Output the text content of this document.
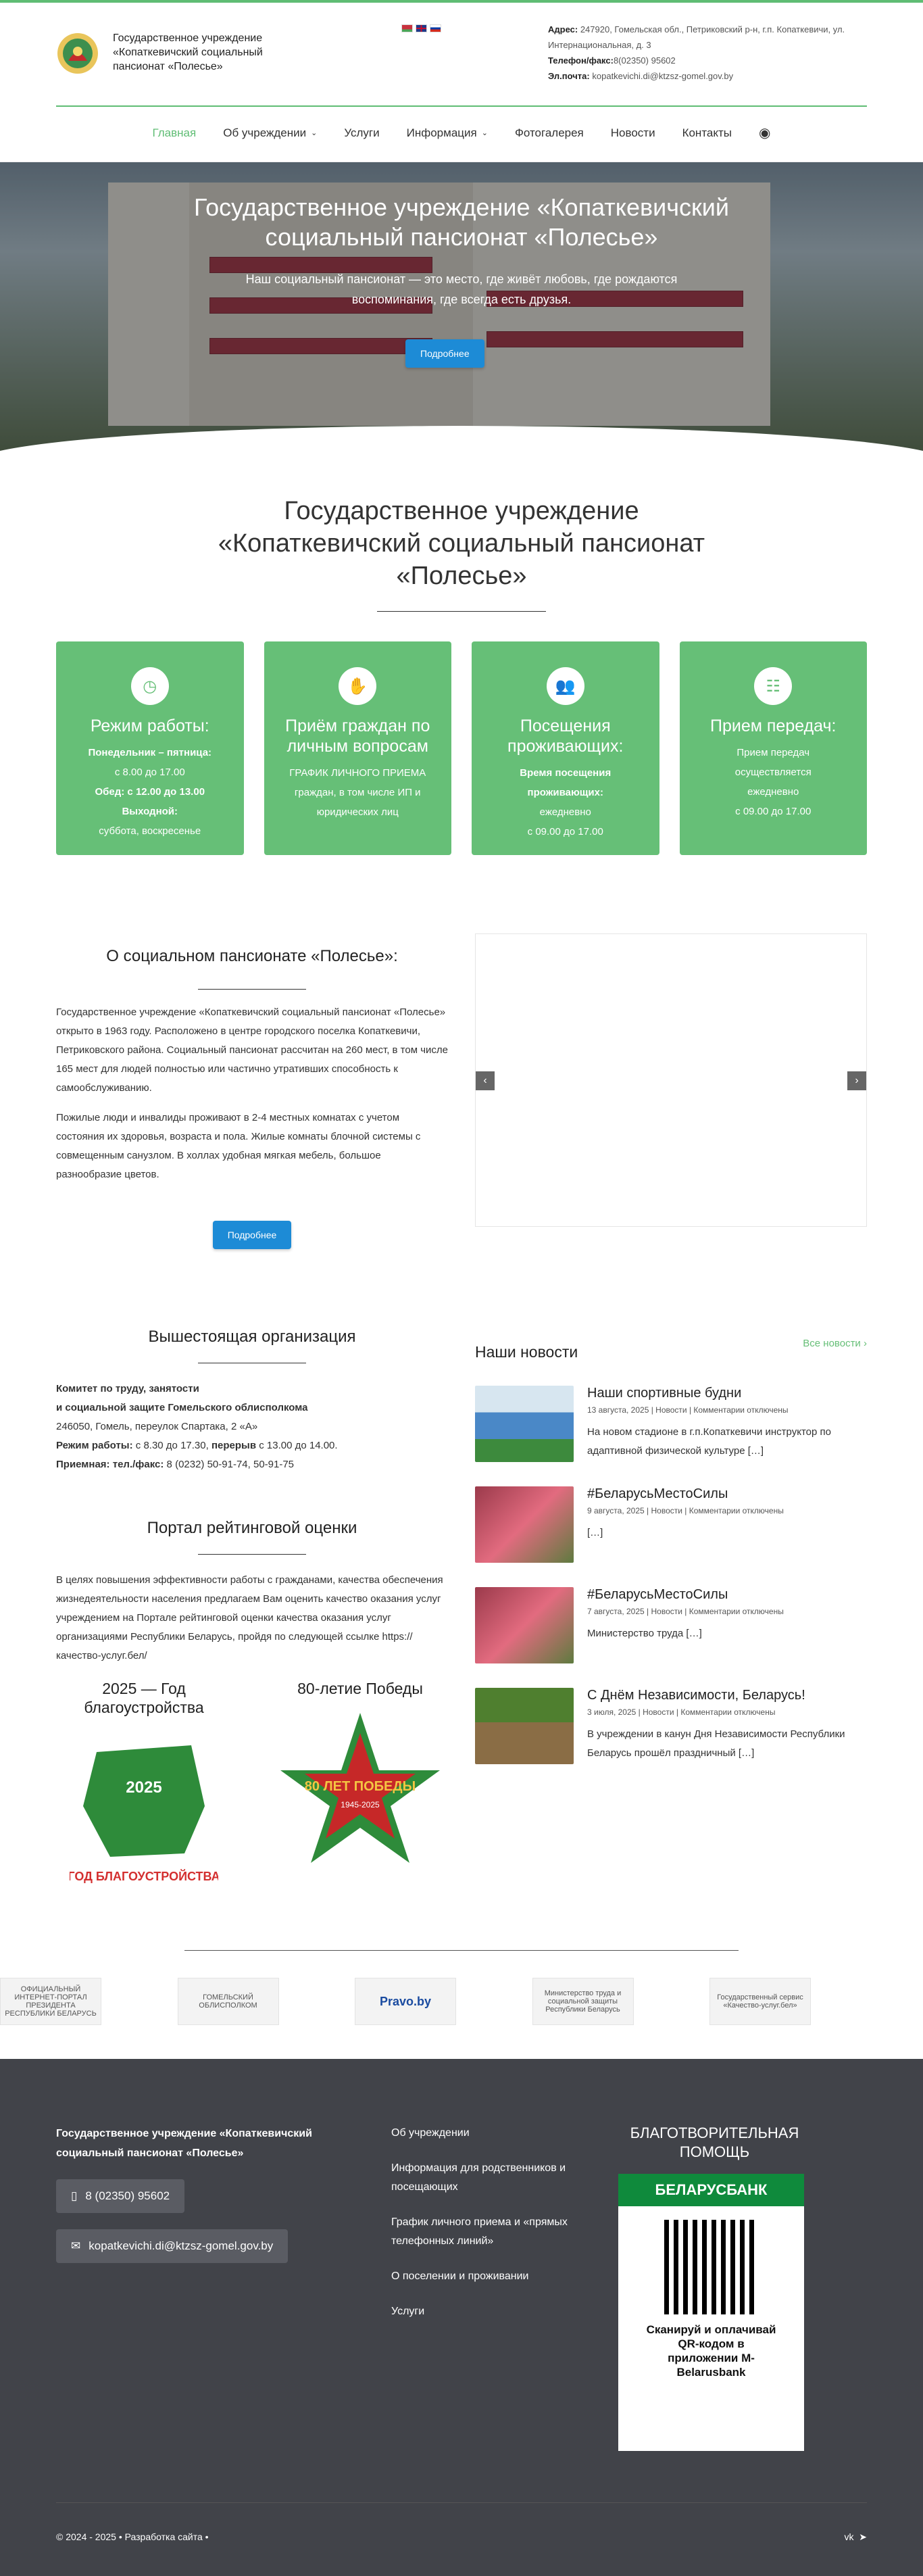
Государственное учреждение «Копаткевичский социальный пансионат «Полесье»
Адрес: 247920, Гомельская обл., Петриковский р-н, г.п. Копаткевичи, ул. Интернациональная, д. 3
Телефон/факс:8(02350) 95602
Эл.почта: kopatkevichi.di@ktzsz-gomel.gov.by
Главная Об учреждении ⌄ Услуги Информация ⌄ Фотогалерея Новости Контакты ◉
Государственное учреждение «Копаткевичский социальный пансионат «Полесье»
Наш социальный пансионат — это место, где живёт любовь, где рождаются воспоминания, где всегда есть друзья.
Подробнее
Государственное учреждение «Копаткевичский социальный пансионат «Полесье»
◷
Режим работы:

Понедельник – пятница:
с 8.00 до 17.00
Обед: с 12.00 до 13.00
Выходной:
суббота, воскресенье

✋
Приём граждан по личным вопросам

ГРАФИК ЛИЧНОГО ПРИЕМА
граждан, в том числе ИП и
юридических лиц

👥
Посещения проживающих:

Время посещения
проживающих:
ежедневно
с 09.00 до 17.00

☷
Прием передач:

Прием передач
осуществляется
ежедневно
с 09.00 до 17.00

О социальном пансионате «Полесье»:

Государственное учреждение «Копаткевичский социальный пансионат «Полесье» открыто в 1963 году. Расположено в центре городского поселка Копаткевичи, Петриковского района. Социальный пансионат рассчитан на 260 мест, в том числе 165 мест для людей полностью или частично утративших способность к самообслуживанию.

Пожилые люди и инвалиды проживают в 2-4 местных комнатах с учетом состояния их здоровья, возраста и пола. Жилые комнаты блочной системы с совмещенным санузлом. В холлах удобная мягкая мебель, большое разнообразие цветов.

Подробнее
‹	›
Вышестоящая организация
Комитет по труду, занятости
и социальной защите Гомельского облисполкома
246050, Гомель, переулок Спартака, 2 «А»
Режим работы: с 8.30 до 17.30, перерыв с 13.00 до 14.00.
Приемная: тел./факс: 8 (0232) 50-91-74, 50-91-75
Портал рейтинговой оценки

В целях повышения эффективности работы с гражданами, качества обеспечения жизнедеятельности населения предлагаем Вам оценить качество оказания услуг учреждением на Портале рейтинговой оценки качества оказания услуг организациями Республики Беларусь, пройдя по следующей ссылке https://качество-услуг.бел/

2025 — Год благоустройства
2025
ГОД БЛАГОУСТРОЙСТВА
80-летие Победы
80 ЛЕТ ПОБЕДЫ
1945-2025
Наши новости	Все новости ›
Наши спортивные будни
13 августа, 2025 | Новости | Комментарии отключены
На новом стадионе в г.п.Копаткевичи инструктор по адаптивной физической культуре […]
#БеларусьМестоСилы
9 августа, 2025 | Новости | Комментарии отключены
[…]
#БеларусьМестоСилы
7 августа, 2025 | Новости | Комментарии отключены
Министерство труда […]
С Днём Независимости, Беларусь!
3 июля, 2025 | Новости | Комментарии отключены
В учреждении в канун Дня Независимости Республики Беларусь прошёл праздничный […]
ОФИЦИАЛЬНЫЙ ИНТЕРНЕТ-ПОРТАЛ ПРЕЗИДЕНТА РЕСПУБЛИКИ БЕЛАРУСЬ
ГОМЕЛЬСКИЙ ОБЛИСПОЛКОМ	Pravo.by
Министерство труда и социальной защиты Республики Беларусь
Государственный сервис «Качество-услуг.бел»
Государственное учреждение «Копаткевичский социальный пансионат «Полесье»
▯ 8 (02350) 95602

✉ kopatkevichi.di@ktzsz-gomel.gov.by
Об учреждении
Информация для родственников и посещающих
График личного приема и «прямых телефонных линий»
О поселении и проживании
Услуги
БЛАГОТВОРИТЕЛЬНАЯ ПОМОЩЬ
БЕЛАРУСБАНК
Сканируй и оплачивай QR-кодом в приложении M-Belarusbank
© 2024 - 2025 • Разработка сайта •	vk ➤
